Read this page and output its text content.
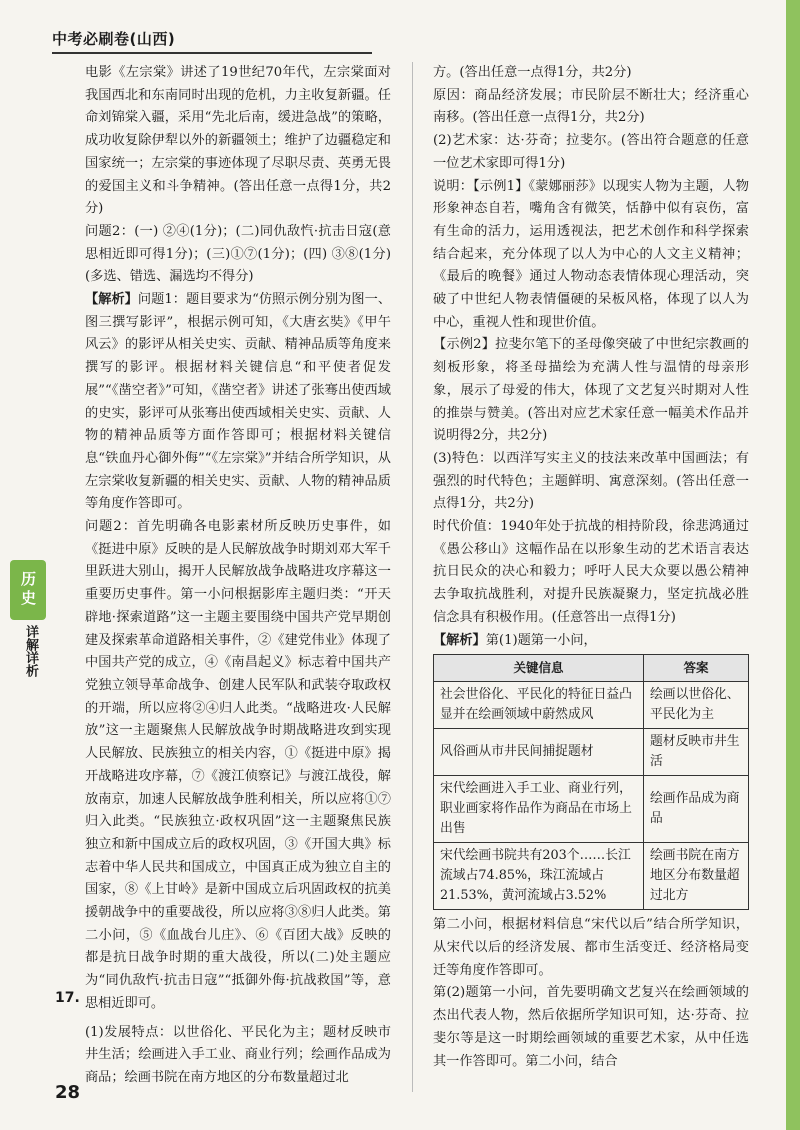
中考必刷卷(山西)
历史
详解详析

电影《左宗棠》讲述了19世纪70年代，左宗棠面对我国西北和东南同时出现的危机，力主收复新疆。任命刘锦棠入疆，采用“先北后南，缓进急战”的策略，成功收复除伊犁以外的新疆领土；维护了边疆稳定和国家统一；左宗棠的事迹体现了尽职尽责、英勇无畏的爱国主义和斗争精神。(答出任意一点得1分，共2分)

问题2：(一) ②④(1分)；(二)同仇敌忾·抗击日寇(意思相近即可得1分)；(三)①⑦(1分)；(四) ③⑧(1分)(多选、错选、漏选均不得分)

【解析】问题1：题目要求为“仿照示例分别为图一、图三撰写影评”，根据示例可知，《大唐玄奘》《甲午风云》的影评从相关史实、贡献、精神品质等角度来撰写的影评。根据材料关键信息“和平使者促发展”“《凿空者》”可知，《凿空者》讲述了张骞出使西域的史实，影评可从张骞出使西域相关史实、贡献、人物的精神品质等方面作答即可；根据材料关键信息“铁血丹心御外侮”“《左宗棠》”并结合所学知识，从左宗棠收复新疆的相关史实、贡献、人物的精神品质等角度作答即可。

问题2：首先明确各电影素材所反映历史事件，如《挺进中原》反映的是人民解放战争时期刘邓大军千里跃进大别山，揭开人民解放战争战略进攻序幕这一重要历史事件。第一小问根据影库主题归类：“开天辟地·探索道路”这一主题主要围绕中国共产党早期创建及探索革命道路相关事件，②《建党伟业》体现了中国共产党的成立，④《南昌起义》标志着中国共产党独立领导革命战争、创建人民军队和武装夺取政权的开端，所以应将②④归人此类。“战略进攻·人民解放”这一主题聚焦人民解放战争时期战略进攻到实现人民解放、民族独立的相关内容，①《挺进中原》揭开战略进攻序幕，⑦《渡江侦察记》与渡江战役，解放南京，加速人民解放战争胜利相关，所以应将①⑦归入此类。“民族独立·政权巩固”这一主题聚焦民族独立和新中国成立后的政权巩固，③《开国大典》标志着中华人民共和国成立，中国真正成为独立自主的国家，⑧《上甘岭》是新中国成立后巩固政权的抗美援朝战争中的重要战役，所以应将③⑧归人此类。第二小问，⑤《血战台儿庄》、⑥《百团大战》反映的都是抗日战争时期的重大战役，所以(二)处主题应为“同仇敌忾·抗击日寇”“抵御外侮·抗战救国”等，意思相近即可。

(1)发展特点：以世俗化、平民化为主；题材反映市井生活；绘画进入手工业、商业行列；绘画作品成为商品；绘画书院在南方地区的分布数量超过北

17.

方。(答出任意一点得1分，共2分)

原因：商品经济发展；市民阶层不断壮大；经济重心南移。(答出任意一点得1分，共2分)

(2)艺术家：达·芬奇；拉斐尔。(答出符合题意的任意一位艺术家即可得1分)

说明：【示例1】《蒙娜丽莎》以现实人物为主题，人物形象神态自若，嘴角含有微笑，恬静中似有哀伤，富有生命的活力，运用透视法，把艺术创作和科学探索结合起来，充分体现了以人为中心的人文主义精神；《最后的晚餐》通过人物动态表情体现心理活动，突破了中世纪人物表情僵硬的呆板风格，体现了以人为中心，重视人性和现世价值。

【示例2】拉斐尔笔下的圣母像突破了中世纪宗教画的刻板形象，将圣母描绘为充满人性与温情的母亲形象，展示了母爱的伟大，体现了文艺复兴时期对人性的推崇与赞美。(答出对应艺术家任意一幅美术作品并说明得2分，共2分)

(3)特色：以西洋写实主义的技法来改革中国画法；有强烈的时代特色；主题鲜明、寓意深刻。(答出任意一点得1分，共2分)

时代价值：1940年处于抗战的相持阶段，徐悲鸿通过《愚公移山》这幅作品在以形象生动的艺术语言表达抗日民众的决心和毅力；呼吁人民大众要以愚公精神去争取抗战胜利，对提升民族凝聚力，坚定抗战必胜信念具有积极作用。(任意答出一点得1分)

【解析】第(1)题第一小问，

关键信息	答案
社会世俗化、平民化的特征日益凸显并在绘画领域中蔚然成风	绘画以世俗化、平民化为主
风俗画从市井民间捕捉题材	题材反映市井生活
宋代绘画进入手工业、商业行列，职业画家将作品作为商品在市场上出售	绘画作品成为商品
宋代绘画书院共有203个……长江流域占74.85%，珠江流域占21.53%，黄河流域占3.52%	绘画书院在南方地区分布数量超过北方

第二小问，根据材料信息“宋代以后”结合所学知识，从宋代以后的经济发展、都市生活变迁、经济格局变迁等角度作答即可。

第(2)题第一小问，首先要明确文艺复兴在绘画领域的杰出代表人物，然后依据所学知识可知，达·芬奇、拉斐尔等是这一时期绘画领域的重要艺术家，从中任选其一作答即可。第二小问，结合

28
